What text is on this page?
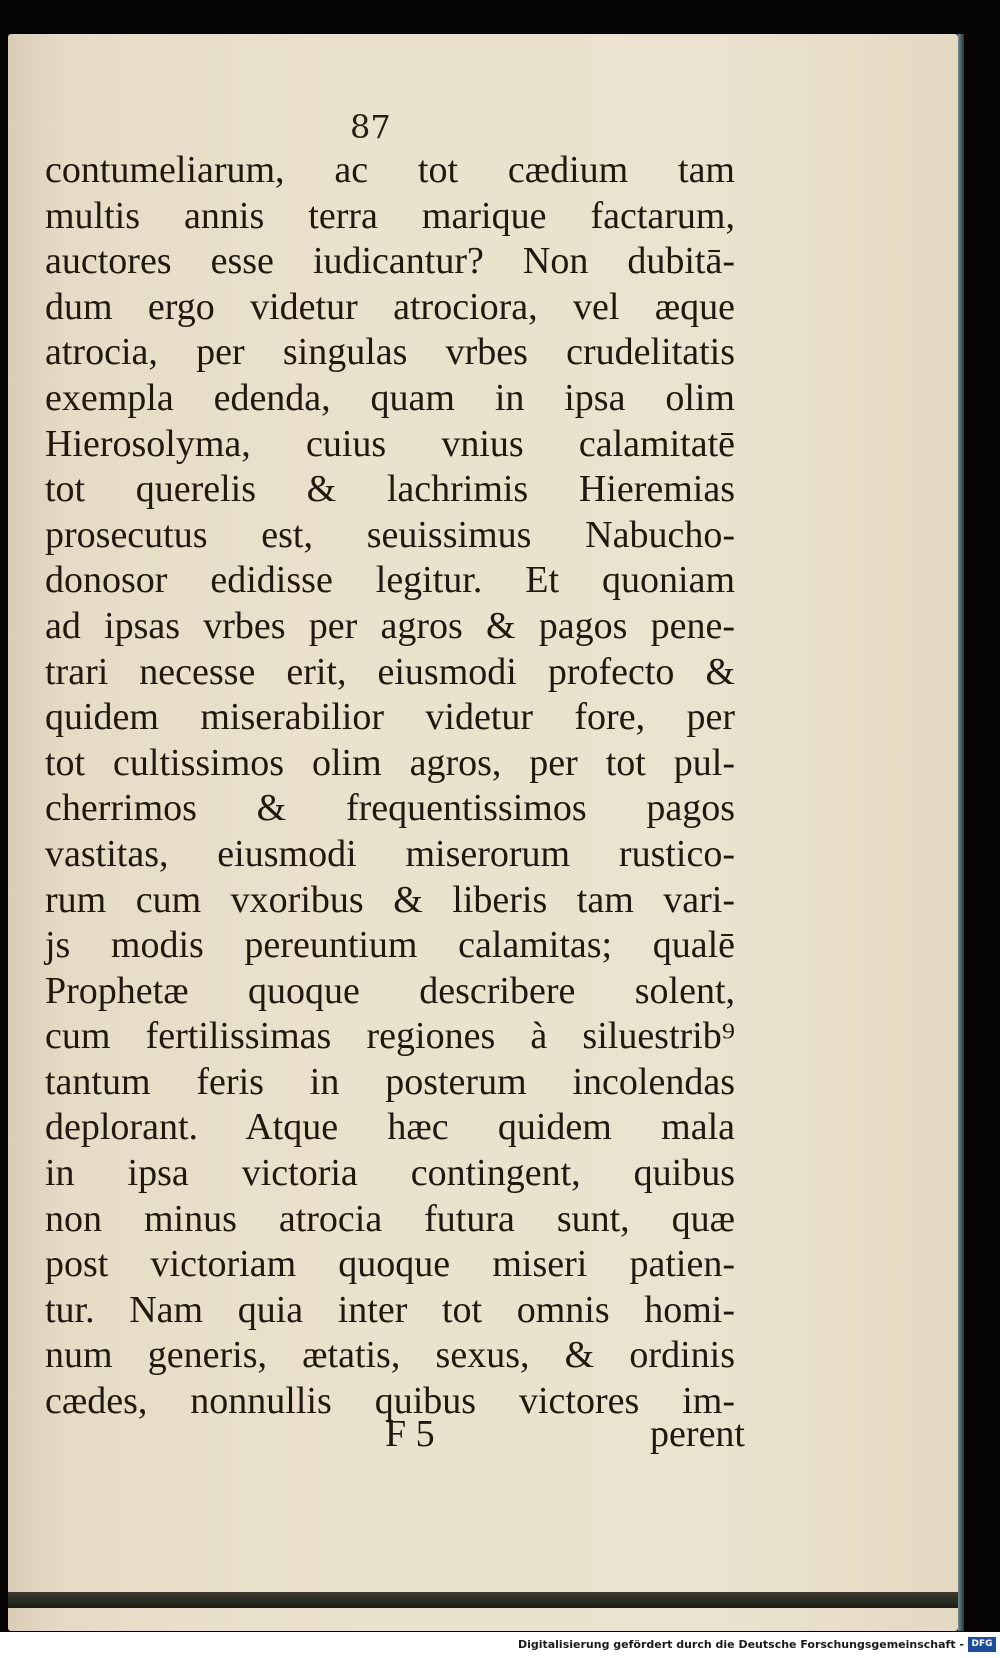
87
contumeliarum, ac tot cædium tam
multis annis terra marique factarum,
auctores esse iudicantur? Non dubitā-
dum ergo videtur atrociora, vel æque
atrocia, per singulas vrbes crudelitatis
exempla edenda, quam in ipsa olim
Hierosolyma, cuius vnius calamitatē
tot querelis & lachrimis Hieremias
prosecutus est, seuissimus Nabucho-
donosor edidisse legitur. Et quoniam
ad ipsas vrbes per agros & pagos pene-
trari necesse erit, eiusmodi profecto &
quidem miserabilior videtur fore, per
tot cultissimos olim agros, per tot pul-
cherrimos & frequentissimos pagos
vastitas, eiusmodi miserorum rustico-
rum cum vxoribus & liberis tam vari-
js modis pereuntium calamitas; qualē
Prophetæ quoque describere solent,
cum fertilissimas regiones à siluestrib⁹
tantum feris in posterum incolendas
deplorant. Atque hæc quidem mala
in ipsa victoria contingent, quibus
non minus atrocia futura sunt, quæ
post victoriam quoque miseri patien-
tur. Nam quia inter tot omnis homi-
num generis, ætatis, sexus, & ordinis
cædes, nonnullis quibus victores im-
F 5	perent
Digitalisierung gefördert durch die Deutsche Forschungsgemeinschaft - DFG
